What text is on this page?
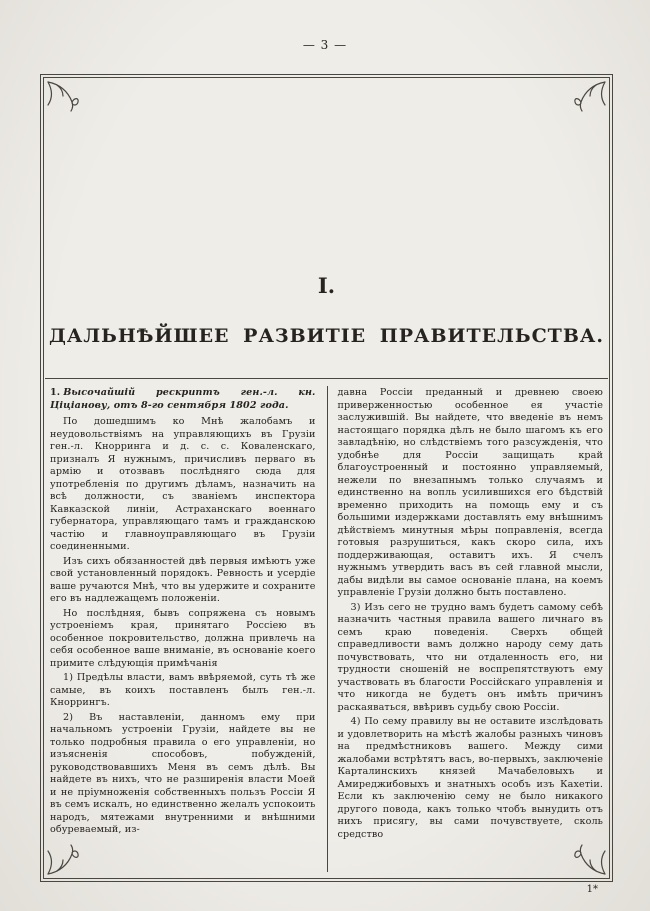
— 3 —
I.
ДАЛЬНѢЙШЕЕ РАЗВИТІЕ ПРАВИТЕЛЬСТВА.

1. Высочайшій рескриптъ ген.-л. кн. Ціціанову, отъ 8-го сентября 1802 года.

По дошедшимъ ко Мнѣ жалобамъ и неудовольствіямъ на управляющихъ въ Грузіи ген.-л. Кнорринга и д. с. с. Коваленскаго, призналъ Я нужнымъ, причисливъ перваго въ армію и отозвавъ послѣдняго сюда для употребленія по другимъ дѣламъ, назначить на всѣ должности, съ званіемъ инспектора Кавказской линіи, Астраханскаго военнаго губернатора, управляющаго тамъ и гражданскою частію и главноуправляющаго въ Грузіи соединенными.

Изъ сихъ обязанностей двѣ первыя имѣютъ уже свой установленный порядокъ. Ревность и усердіе ваше ручаются Мнѣ, что вы удержите и сохраните его въ надлежащемъ положеніи.

Но послѣдняя, бывъ сопряжена съ новымъ устроеніемъ края, принятаго Россіею въ особенное покровительство, должна привлечь на себя особенное ваше вниманіе, въ основаніе коего примите слѣдующія примѣчанія

1) Предѣлы власти, вамъ ввѣряемой, суть тѣ же самые, въ коихъ поставленъ былъ ген.-л. Кноррингъ.

2) Въ наставленіи, данномъ ему при начальномъ устроеніи Грузіи, найдете вы не только подробныя правила о его управленіи, но изъясненія способовъ, побужденій, руководствовавшихъ Меня въ семъ дѣлѣ. Вы найдете въ нихъ, что не разширенія власти Моей и не пріумноженія собственныхъ пользъ Россіи Я въ семъ искалъ, но единственно желалъ успокоить народъ, мятежами внутренними и внѣшними обуреваемый, из-

давна Россіи преданный и древнею своею приверженностью особенное ея участіе заслужившій. Вы найдете, что введеніе въ немъ настоящаго порядка дѣлъ не было шагомъ къ его завладѣнію, но слѣдствіемъ того разсужденія, что удобнѣе для Россіи защищать край благоустроенный и постоянно управляемый, нежели по внезапнымъ только случаямъ и единственно на вопль усилившихся его бѣдствій временно приходить на помощь ему и съ большими издержками доставлять ему внѣшнимъ дѣйствіемъ минутныя мѣры поправленія, всегда готовыя разрушиться, какъ скоро сила, ихъ поддерживающая, оставитъ ихъ. Я счелъ нужнымъ утвердить васъ въ сей главной мысли, дабы видѣли вы самое основаніе плана, на коемъ управленіе Грузіи должно быть поставлено.

3) Изъ сего не трудно вамъ будетъ самому себѣ назначить частныя правила вашего личнаго въ семъ краю поведенія. Сверхъ общей справедливости вамъ должно народу сему дать почувствовать, что ни отдаленность его, ни трудности сношеній не воспрепятствуютъ ему участвовать въ благости Россійскаго управленія и что никогда не будетъ онъ имѣть причинъ раскаяваться, ввѣривъ судьбу свою Россіи.

4) По сему правилу вы не оставите изслѣдовать и удовлетворить на мѣстѣ жалобы разныхъ чиновъ на предмѣстниковъ вашего. Между сими жалобами встрѣтятъ васъ, во-первыхъ, заключеніе Карталинскихъ князей Мачабеловыхъ и Амиреджибовыхъ и знатныхъ особъ изъ Кахетіи. Если къ заключенію сему не было никакого другого повода, какъ только чтобъ вынудить отъ нихъ присягу, вы сами почувствуете, сколь средство

1*
